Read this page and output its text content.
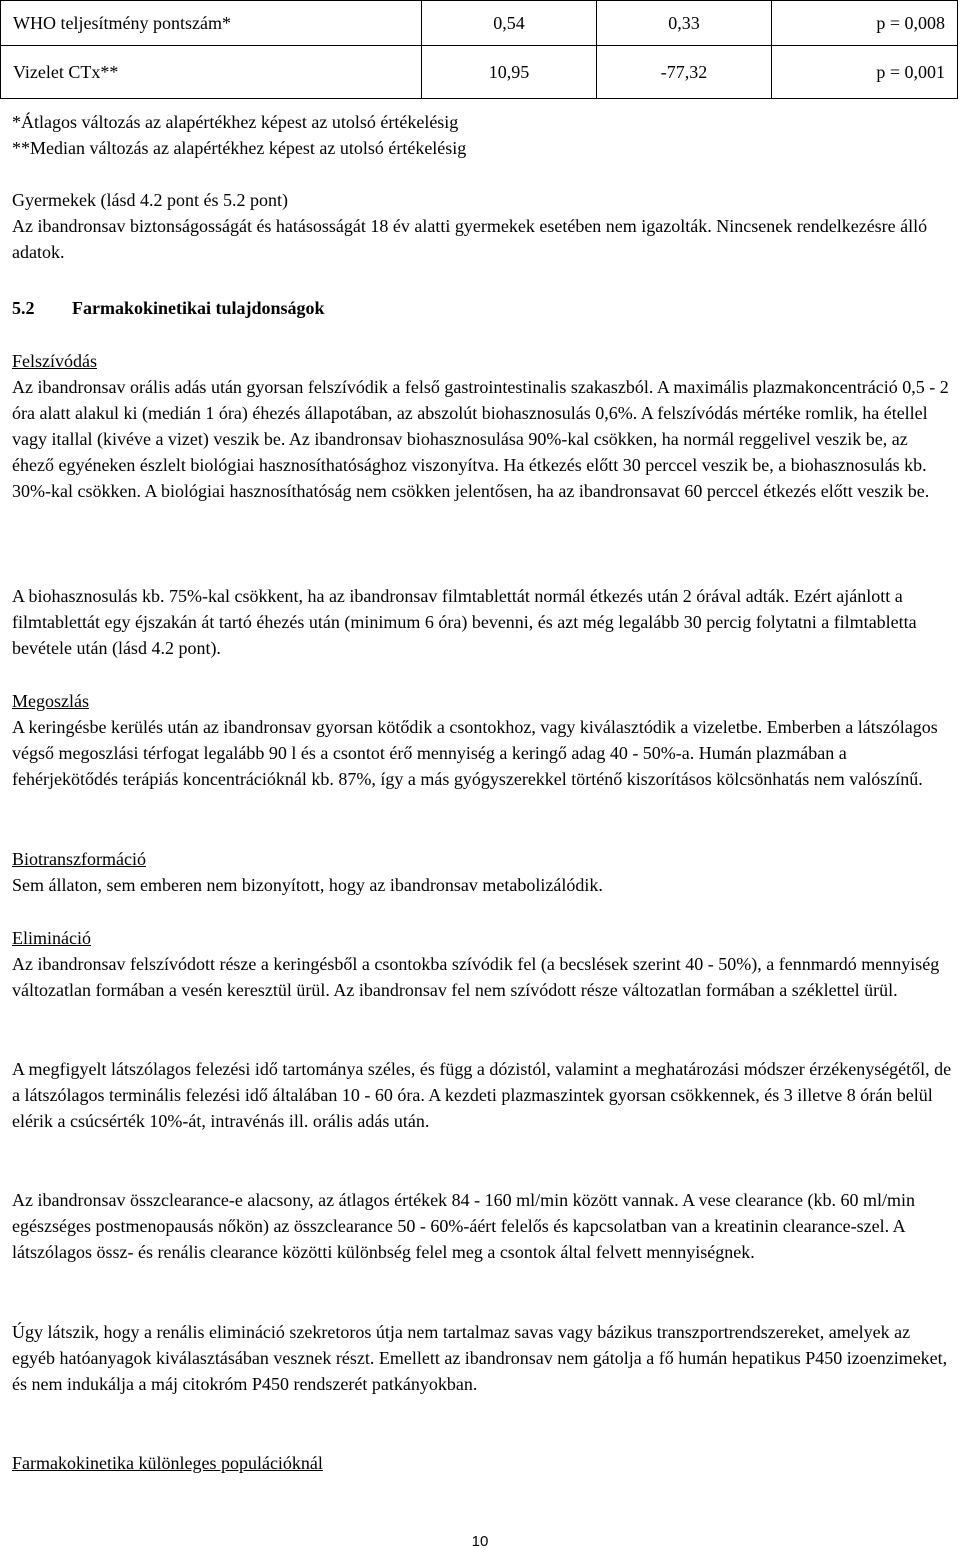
WHO teljesítmény pontszám*	0,54	0,33	p = 0,008
Vizelet CTx**	10,95	-77,32	p = 0,001

*Átlagos változás az alapértékhez képest az utolsó értékelésig

**Median változás az alapértékhez képest az utolsó értékelésig

Gyermekek (lásd 4.2 pont és 5.2 pont)

Az ibandronsav biztonságosságát és hatásosságát 18 év alatti gyermekek esetében nem igazolták. Nincsenek rendelkezésre álló adatok.

5.2 Farmakokinetikai tulajdonságok

Felszívódás

Az ibandronsav orális adás után gyorsan felszívódik a felső gastrointestinalis szakaszból. A maximális plazmakoncentráció 0,5 - 2 óra alatt alakul ki (medián 1 óra) éhezés állapotában, az abszolút biohasznosulás 0,6%. A felszívódás mértéke romlik, ha étellel vagy itallal (kivéve a vizet) veszik be. Az ibandronsav biohasznosulása 90%-kal csökken, ha normál reggelivel veszik be, az éhező egyéneken észlelt biológiai hasznosíthatósághoz viszonyítva. Ha étkezés előtt 30 perccel veszik be, a biohasznosulás kb. 30%-kal csökken. A biológiai hasznosíthatóság nem csökken jelentősen, ha az ibandronsavat 60 perccel étkezés előtt veszik be.

A biohasznosulás kb. 75%-kal csökkent, ha az ibandronsav filmtablettát normál étkezés után 2 órával adták. Ezért ajánlott a filmtablettát egy éjszakán át tartó éhezés után (minimum 6 óra) bevenni, és azt még legalább 30 percig folytatni a filmtabletta bevétele után (lásd 4.2 pont).

Megoszlás

A keringésbe kerülés után az ibandronsav gyorsan kötődik a csontokhoz, vagy kiválasztódik a vizeletbe. Emberben a látszólagos végső megoszlási térfogat legalább 90 l és a csontot érő mennyiség a keringő adag 40 - 50%-a. Humán plazmában a fehérjekötődés terápiás koncentrációknál kb. 87%, így a más gyógyszerekkel történő kiszorításos kölcsönhatás nem valószínű.

Biotranszformáció

Sem állaton, sem emberen nem bizonyított, hogy az ibandronsav metabolizálódik.

Elimináció

Az ibandronsav felszívódott része a keringésből a csontokba szívódik fel (a becslések szerint 40 - 50%), a fennmardó mennyiség változatlan formában a vesén keresztül ürül. Az ibandronsav fel nem szívódott része változatlan formában a széklettel ürül.

A megfigyelt látszólagos felezési idő tartománya széles, és függ a dózistól, valamint a meghatározási módszer érzékenységétől, de a látszólagos terminális felezési idő általában 10 - 60 óra. A kezdeti plazmaszintek gyorsan csökkennek, és 3 illetve 8 órán belül elérik a csúcsérték 10%-át, intravénás ill. orális adás után.

Az ibandronsav összclearance-e alacsony, az átlagos értékek 84 - 160 ml/min között vannak. A vese clearance (kb. 60 ml/min egészséges postmenopausás nőkön) az összclearance 50 - 60%-áért felelős és kapcsolatban van a kreatinin clearance-szel. A látszólagos össz- és renális clearance közötti különbség felel meg a csontok által felvett mennyiségnek.

Úgy látszik, hogy a renális elimináció szekretoros útja nem tartalmaz savas vagy bázikus transzportrendszereket, amelyek az egyéb hatóanyagok kiválasztásában vesznek részt. Emellett az ibandronsav nem gátolja a fő humán hepatikus P450 izoenzimeket, és nem indukálja a máj citokróm P450 rendszerét patkányokban.

Farmakokinetika különleges populációknál

10
